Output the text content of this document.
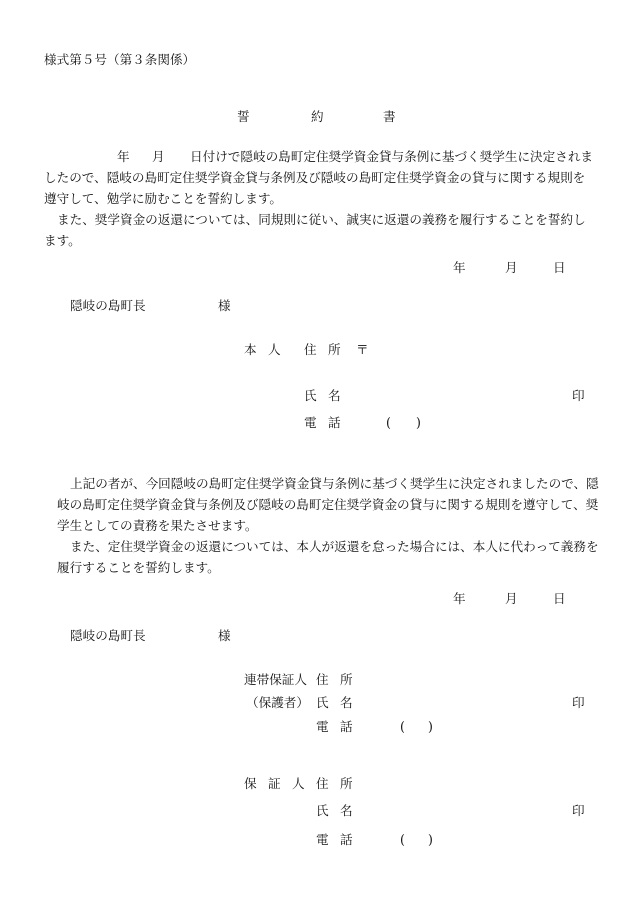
様式第５号（第３条関係）
誓	約	書
年 月 日付けで隠岐の島町定住奨学資金貸与条例に基づく奨学生に決定されま
したので、隠岐の島町定住奨学資金貸与条例及び隠岐の島町定住奨学資金の貸与に関する規則を
遵守して、勉学に励むことを誓約します。
また、奨学資金の返還については、同規則に従い、誠実に返還の義務を履行することを誓約し
ます。
年	月	日
隠岐の島町長	様
本 人 住 所 〒
氏 名	印
電 話	( )
上記の者が、今回隠岐の島町定住奨学資金貸与条例に基づく奨学生に決定されましたので、隠
岐の島町定住奨学資金貸与条例及び隠岐の島町定住奨学資金の貸与に関する規則を遵守して、奨
学生としての責務を果たさせます。
また、定住奨学資金の返還については、本人が返還を怠った場合には、本人に代わって義務を
履行することを誓約します。
年	月	日
隠岐の島町長	様
連帯保証人 住 所
（保護者） 氏 名	印
電 話	( )
保 証 人 住 所
氏 名	印
電 話	( )
